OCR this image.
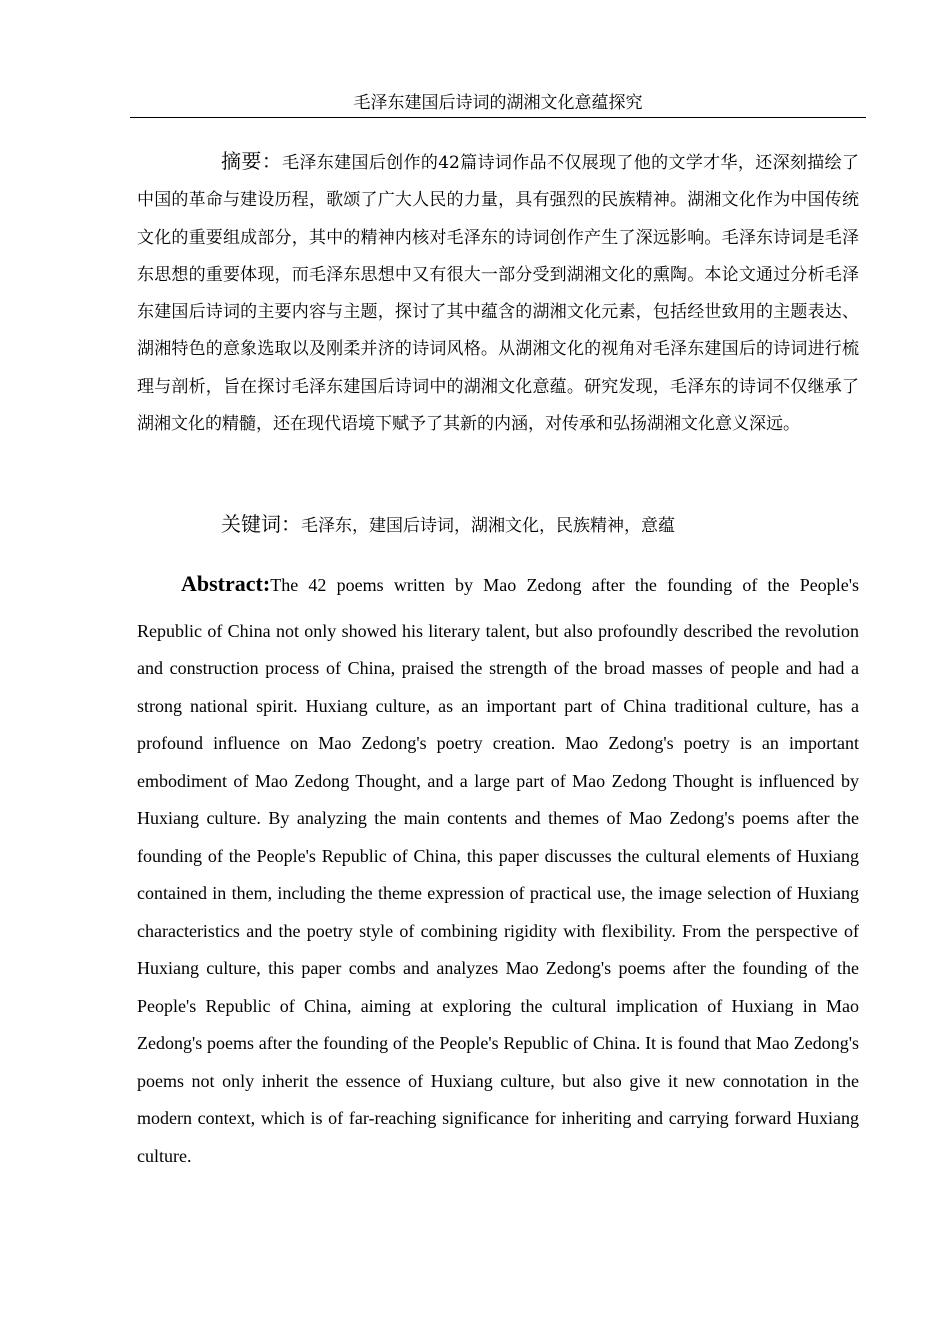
毛泽东建国后诗词的湖湘文化意蕴探究

摘要：毛泽东建国后创作的42篇诗词作品不仅展现了他的文学才华，还深刻描绘了中国的革命与建设历程，歌颂了广大人民的力量，具有强烈的民族精神。湖湘文化作为中国传统文化的重要组成部分，其中的精神内核对毛泽东的诗词创作产生了深远影响。毛泽东诗词是毛泽东思想的重要体现，而毛泽东思想中又有很大一部分受到湖湘文化的熏陶。本论文通过分析毛泽东建国后诗词的主要内容与主题，探讨了其中蕴含的湖湘文化元素，包括经世致用的主题表达、湖湘特色的意象选取以及刚柔并济的诗词风格。从湖湘文化的视角对毛泽东建国后的诗词进行梳理与剖析，旨在探讨毛泽东建国后诗词中的湖湘文化意蕴。研究发现，毛泽东的诗词不仅继承了湖湘文化的精髓，还在现代语境下赋予了其新的内涵，对传承和弘扬湖湘文化意义深远。

关键词：毛泽东，建国后诗词，湖湘文化，民族精神，意蕴

Abstract:The 42 poems written by Mao Zedong after the founding of the People's
Republic of China not only showed his literary talent, but also profoundly described the revolution and construction process of China, praised the strength of the broad masses of people and had a strong national spirit. Huxiang culture, as an important part of China traditional culture, has a profound influence on Mao Zedong's poetry creation. Mao Zedong's poetry is an important embodiment of Mao Zedong Thought, and a large part of Mao Zedong Thought is influenced by Huxiang culture. By analyzing the main contents and themes of Mao Zedong's poems after the founding of the People's Republic of China, this paper discusses the cultural elements of Huxiang contained in them, including the theme expression of practical use, the image selection of Huxiang characteristics and the poetry style of combining rigidity with flexibility. From the perspective of Huxiang culture, this paper combs and analyzes Mao Zedong's poems after the founding of the People's Republic of China, aiming at exploring the cultural implication of Huxiang in Mao Zedong's poems after the founding of the People's Republic of China. It is found that Mao Zedong's poems not only inherit the essence of Huxiang culture, but also give it new connotation in the modern context, which is of far-reaching significance for inheriting and carrying forward Huxiang culture.
